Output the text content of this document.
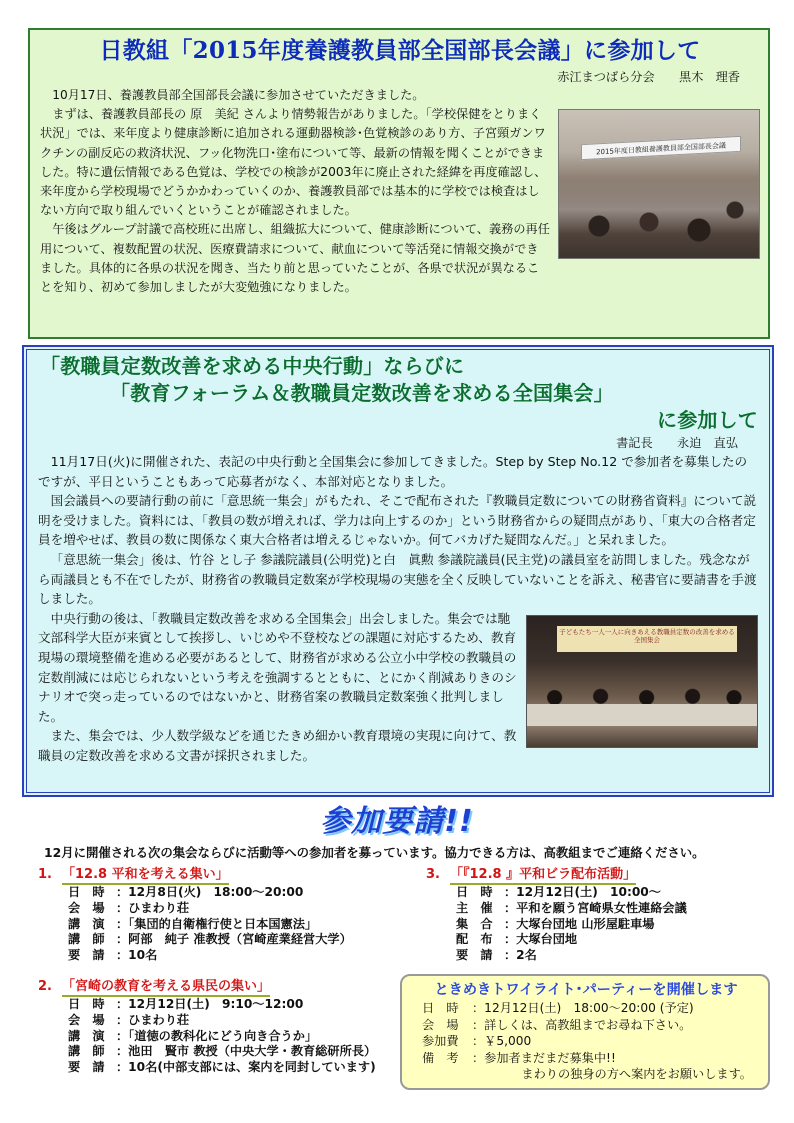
日教組「2015年度養護教員部全国部長会議」に参加して
赤江まつばら分会　　黒木　理香

10月17日、養護教員部全国部長会議に参加させていただきました。

2015年度日教組養護教員部全国部長会議

まずは、養護教員部長の 原　美紀 さんより情勢報告がありました。「学校保健をとりまく状況」では、来年度より健康診断に追加される運動器検診･色覚検診のあり方、子宮頸ガンワクチンの副反応の救済状況、フッ化物洗口･塗布について等、最新の情報を聞くことができました。特に遺伝情報である色覚は、学校での検診が2003年に廃止された経緯を再度確認し、来年度から学校現場でどうかかわっていくのか、養護教員部では基本的に学校では検査はしない方向で取り組んでいくということが確認されました。

午後はグループ討議で高校班に出席し、組織拡大について、健康診断について、義務の再任用について、複数配置の状況、医療費請求について、献血について等活発に情報交換ができました。具体的に各県の状況を聞き、当たり前と思っていたことが、各県で状況が異なることを知り、初めて参加しましたが大変勉強になりました。

「教職員定数改善を求める中央行動」ならびに
「教育フォーラム＆教職員定数改善を求める全国集会」
に参加して
書記長　　永迫　直弘

11月17日(火)に開催された、表記の中央行動と全国集会に参加してきました。Step by Step No.12 で参加者を募集したのですが、平日ということもあって応募者がなく、本部対応となりました。

国会議員への要請行動の前に「意思統一集会」がもたれ、そこで配布された『教職員定数についての財務省資料』について説明を受けました。資料には、「教員の数が増えれば、学力は向上するのか」という財務省からの疑問点があり、「東大の合格者定員を増やせば、教員の数に関係なく東大合格者は増えるじゃないか。何てバカげた疑問なんだ。」と呆れました。

「意思統一集会」後は、竹谷 とし子 参議院議員(公明党)と白　眞勲 参議院議員(民主党)の議員室を訪問しました。残念ながら両議員とも不在でしたが、財務省の教職員定数案が学校現場の実態を全く反映していないことを訴え、秘書官に要請書を手渡しました。

子どもたち一人一人に向きあえる教職員定数の改善を求める全国集会

中央行動の後は、「教職員定数改善を求める全国集会」出会しました。集会では馳文部科学大臣が来賓として挨拶し、いじめや不登校などの課題に対応するため、教育現場の環境整備を進める必要があるとして、財務省が求める公立小中学校の教職員の定数削減には応じられないという考えを強調するとともに、とにかく削減ありきのシナリオで突っ走っているのではないかと、財務省案の教職員定数案強く批判しました。

また、集会では、少人数学級などを通じたきめ細かい教育環境の実現に向けて、教職員の定数改善を求める文書が採択されました。

参加要請!!
12月に開催される次の集会ならびに活動等への参加者を募っています。協力できる方は、高教組までご連絡ください。
1. 「12.8 平和を考える集い」
日　時 ：12月8日(火)　18:00～20:00
会　場 ：ひまわり荘
講　演 ：「集団的自衛権行使と日本国憲法」
講　師 ：阿部　純子 准教授（宮崎産業経営大学）
要　請 ：10名
2. 「宮崎の教育を考える県民の集い」
日　時 ：12月12日(土)　9:10～12:00
会　場 ：ひまわり荘
講　演 ：「道徳の教科化にどう向き合うか」
講　師 ：池田　賢市 教授（中央大学・教育総研所長）
要　請 ：10名(中部支部には、案内を同封しています)
3. 「『12.8 』平和ビラ配布活動」
日　時 ：12月12日(土)　10:00～
主　催 ：平和を願う宮崎県女性連絡会議
集　合 ：大塚台団地 山形屋駐車場
配　布 ：大塚台団地
要　請 ：2名
ときめきトワイライト･パーティーを開催します
日　時 ：12月12日(土)　18:00～20:00 (予定)
会　場 ：詳しくは、高教組までお尋ね下さい。
参加費 ：￥5,000
備　考 ：参加者まだまだ募集中!!
まわりの独身の方へ案内をお願いします。
